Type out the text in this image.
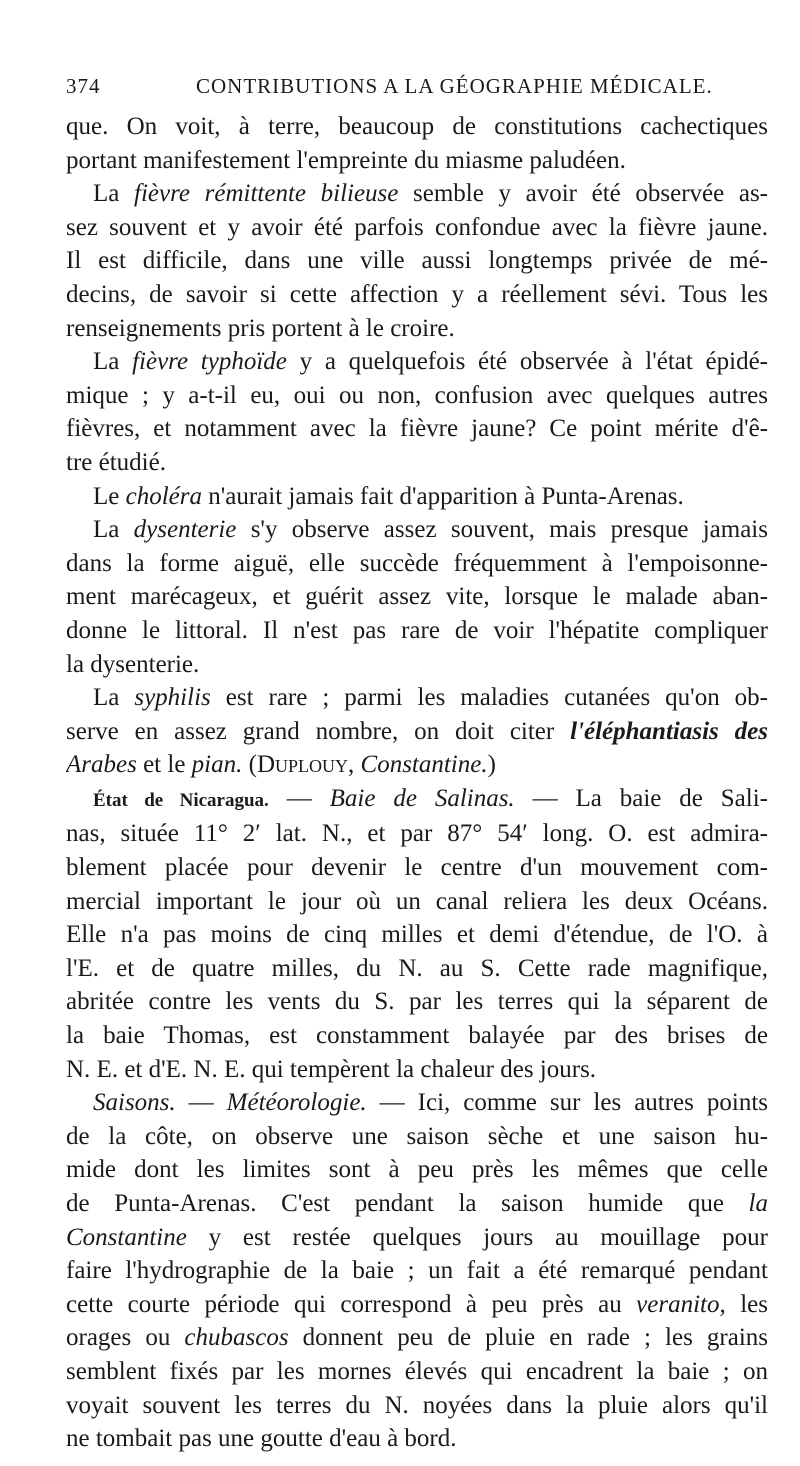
374	CONTRIBUTIONS A LA GÉOGRAPHIE MÉDICALE.

que. On voit, à terre, beaucoup de constitutions cachectiques
portant manifestement l'empreinte du miasme paludéen.

La fièvre rémittente bilieuse semble y avoir été observée as-
sez souvent et y avoir été parfois confondue avec la fièvre jaune.
Il est difficile, dans une ville aussi longtemps privée de mé-
decins, de savoir si cette affection y a réellement sévi. Tous les
renseignements pris portent à le croire.

La fièvre typhoïde y a quelquefois été observée à l'état épidé-
mique ; y a-t-il eu, oui ou non, confusion avec quelques autres
fièvres, et notamment avec la fièvre jaune? Ce point mérite d'ê-
tre étudié.

Le choléra n'aurait jamais fait d'apparition à Punta-Arenas.

La dysenterie s'y observe assez souvent, mais presque jamais
dans la forme aiguë, elle succède fréquemment à l'empoisonne-
ment marécageux, et guérit assez vite, lorsque le malade aban-
donne le littoral. Il n'est pas rare de voir l'hépatite compliquer
la dysenterie.

La syphilis est rare ; parmi les maladies cutanées qu'on ob-
serve en assez grand nombre, on doit citer l'éléphantiasis des
Arabes et le pian. (Duplouy, Constantine.)

État de Nicaragua. — Baie de Salinas. — La baie de Sali-
nas, située 11° 2′ lat. N., et par 87° 54′ long. O. est admira-
blement placée pour devenir le centre d'un mouvement com-
mercial important le jour où un canal reliera les deux Océans.
Elle n'a pas moins de cinq milles et demi d'étendue, de l'O. à
l'E. et de quatre milles, du N. au S. Cette rade magnifique,
abritée contre les vents du S. par les terres qui la séparent de
la baie Thomas, est constamment balayée par des brises de
N. E. et d'E. N. E. qui tempèrent la chaleur des jours.

Saisons. — Météorologie. — Ici, comme sur les autres points
de la côte, on observe une saison sèche et une saison hu-
mide dont les limites sont à peu près les mêmes que celle
de Punta-Arenas. C'est pendant la saison humide que la
Constantine y est restée quelques jours au mouillage pour
faire l'hydrographie de la baie ; un fait a été remarqué pendant
cette courte période qui correspond à peu près au veranito, les
orages ou chubascos donnent peu de pluie en rade ; les grains
semblent fixés par les mornes élevés qui encadrent la baie ; on
voyait souvent les terres du N. noyées dans la pluie alors qu'il
ne tombait pas une goutte d'eau à bord.
